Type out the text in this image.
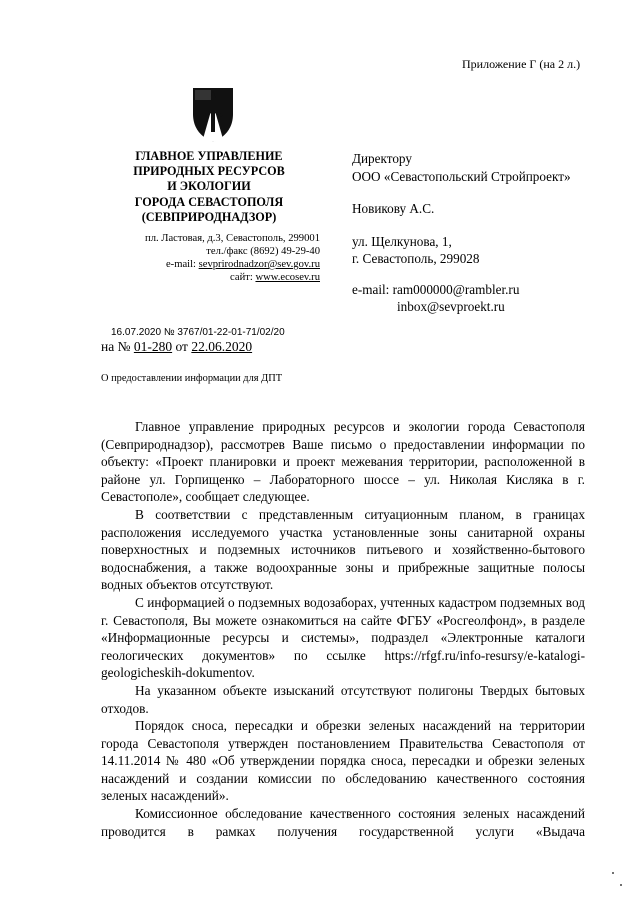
Приложение Г (на 2 л.)
ГЛАВНОЕ УПРАВЛЕНИЕ
ПРИРОДНЫХ РЕСУРСОВ
И ЭКОЛОГИИ
ГОРОДА СЕВАСТОПОЛЯ
(СЕВПРИРОДНАДЗОР)
пл. Ластовая, д.3, Севастополь, 299001
тел./факс (8692) 49-29-40
e-mail: sevprirodnadzor@sev.gov.ru
сайт: www.ecosev.ru
Директору
ООО «Севастопольский Стройпроект»
Новикову А.С.
ул. Щелкунова, 1,
г. Севастополь, 299028
e-mail: ram000000@rambler.ru
inbox@sevproekt.ru
16.07.2020 № 3767/01-22-01-71/02/20
на № 01-280 от 22.06.2020
О предоставлении информации для ДПТ

Главное управление природных ресурсов и экологии города Севастополя (Севприроднадзор), рассмотрев Ваше письмо о предоставлении информации по объекту: «Проект планировки и проект межевания территории, расположенной в районе ул. Горпищенко – Лабораторного шоссе – ул. Николая Кисляка в г. Севастополе», сообщает следующее.

В соответствии с представленным ситуационным планом, в границах расположения исследуемого участка установленные зоны санитарной охраны поверхностных и подземных источников питьевого и хозяйственно-бытового водоснабжения, а также водоохранные зоны и прибрежные защитные полосы водных объектов отсутствуют.

С информацией о подземных водозаборах, учтенных кадастром подземных вод г. Севастополя, Вы можете ознакомиться на сайте ФГБУ «Росгеолфонд», в разделе «Информационные ресурсы и системы», подраздел «Электронные каталоги геологических документов» по ссылке https://rfgf.ru/info-resursy/e-katalogi-geologicheskih-dokumentov.

На указанном объекте изысканий отсутствуют полигоны Твердых бытовых отходов.

Порядок сноса, пересадки и обрезки зеленых насаждений на территории города Севастополя утвержден постановлением Правительства Севастополя от 14.11.2014 № 480 «Об утверждении порядка сноса, пересадки и обрезки зеленых насаждений и создании комиссии по обследованию качественного состояния зеленых насаждений».

Комиссионное обследование качественного состояния зеленых насаждений проводится в рамках получения государственной услуги «Выдача
